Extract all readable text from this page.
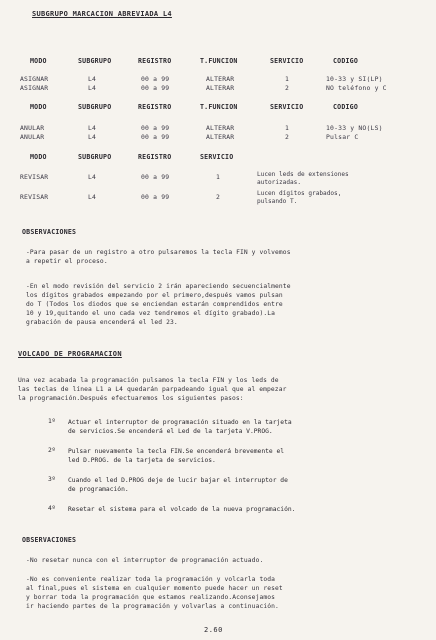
SUBGRUPO MARCACION ABREVIADA L4
MODO	SUBGRUPO	REGISTRO	T.FUNCION	SERVICIO	CODIGO
ASIGNAR	L4	00 a 99	ALTERAR	1	10-33 y SI(LP)
ASIGNAR	L4	00 a 99	ALTERAR	2	NO teléfono y C
MODO	SUBGRUPO	REGISTRO	T.FUNCION	SERVICIO	CODIGO
ANULAR	L4	00 a 99	ALTERAR	1	10-33 y NO(LS)
ANULAR	L4	00 a 99	ALTERAR	2	Pulsar C
MODO	SUBGRUPO	REGISTRO	SERVICIO
REVISAR	L4	00 a 99	1	Lucen leds de extensiones
autorizadas.
REVISAR	L4	00 a 99	2	Lucen dígitos grabados,
pulsando T.
OBSERVACIONES
-Para pasar de un registro a otro pulsaremos la tecla FIN y volvemos
a repetir el proceso.
-En el modo revisión del servicio 2 irán apareciendo secuencialmente
los dígitos grabados empezando por el primero,después vamos pulsan
do T (Todos los diodos que se enciendan estarán comprendidos entre
10 y 19,quitando el uno cada vez tendremos el dígito grabado).La
grabación de pausa encenderá el led 23.
VOLCADO DE PROGRAMACION
Una vez acabada la programación pulsamos la tecla FIN y los leds de
las teclas de línea L1 a L4 quedarán parpadeando igual que al empezar
la programación.Después efectuaremos los siguientes pasos:
1º Actuar el interruptor de programación situado en la tarjeta
de servicios.Se encenderá el Led de la tarjeta V.PROG.
2º Pulsar nuevamente la tecla FIN.Se encenderá brevemente el
led D.PROG. de la tarjeta de servicios.
3º Cuando el led D.PROG deje de lucir bajar el interruptor de
de programación.
4º Resetar el sistema para el volcado de la nueva programación.
OBSERVACIONES
-No resetar nunca con el interruptor de programación actuado.
-No es conveniente realizar toda la programación y volcarla toda
al final,pues el sistema en cualquier momento puede hacer un reset
y borrar toda la programación que estamos realizando.Aconsejamos
ir haciendo partes de la programación y volvarlas a continuación.
2.60
